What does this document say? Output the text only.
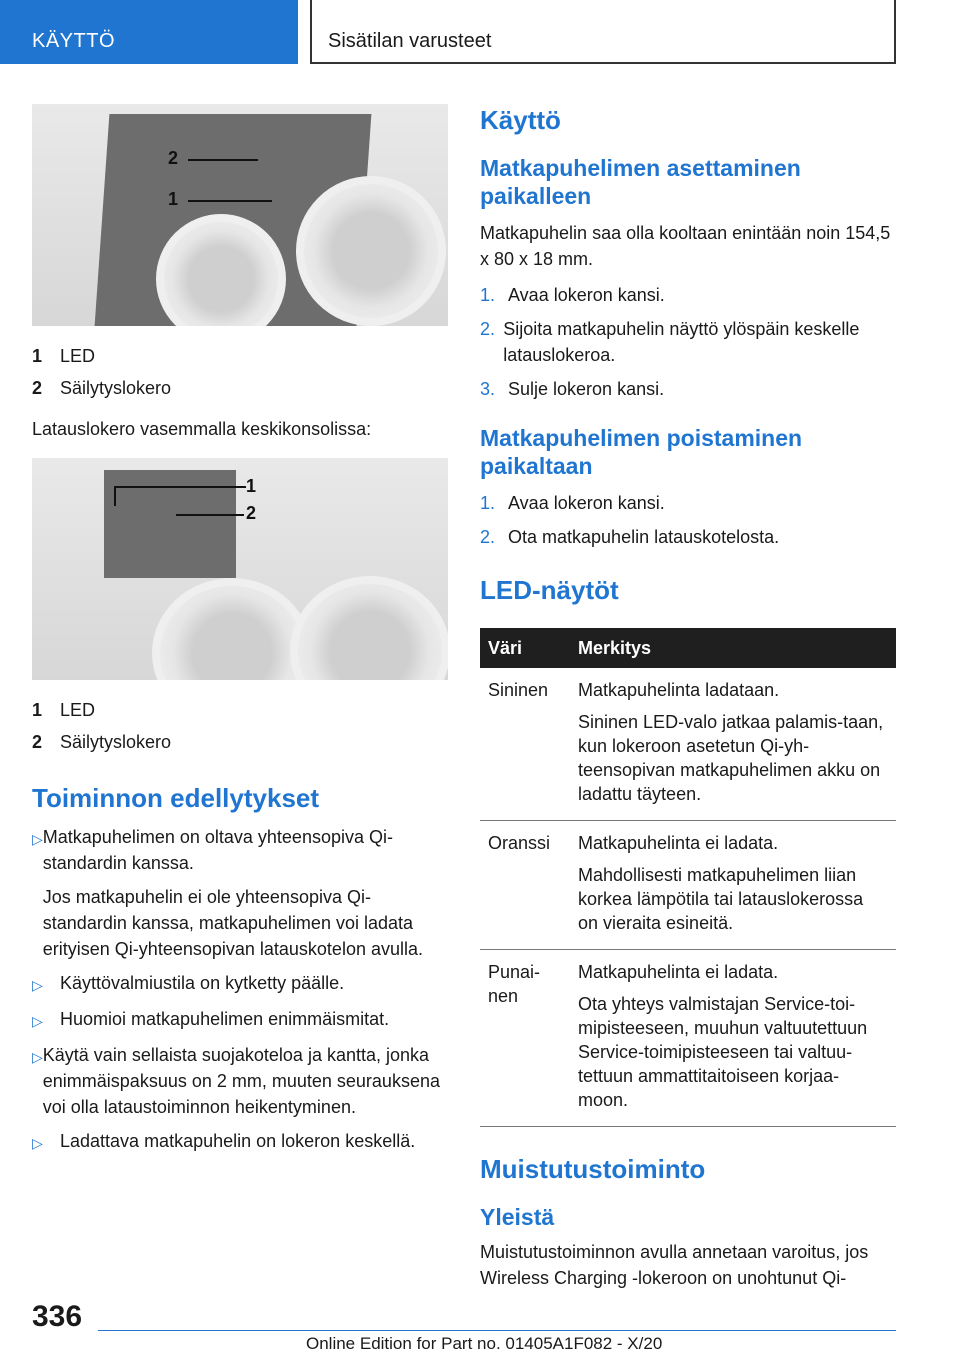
KÄYTTÖ	Sisätilan varusteet
2
1
1 LED
2 Säilytyslokero

Latauslokero vasemmalla keskikonsolissa:

1
2
1 LED
2 Säilytyslokero
Toiminnon edellytykset
▷ Matkapuhelimen on oltava yhteensopiva Qi-standardin kanssa.

Jos matkapuhelin ei ole yhteensopiva Qi-standardin kanssa, matkapuhelimen voi ladata erityisen Qi-yhteensopivan latauskotelon avulla.

▷ Käyttövalmiustila on kytketty päälle.

▷ Huomioi matkapuhelimen enimmäismitat.

▷ Käytä vain sellaista suojakoteloa ja kantta, jonka enimmäispaksuus on 2 mm, muuten seurauksena voi olla lataustoiminnon heikentyminen.

▷ Ladattava matkapuhelin on lokeron keskellä.

Käyttö
Matkapuhelimen asettaminen paikalleen

Matkapuhelin saa olla kooltaan enintään noin 154,5 x 80 x 18 mm.

1. Avaa lokeron kansi.
2. Sijoita matkapuhelin näyttö ylöspäin keskelle latauslokeroa.
3. Sulje lokeron kansi.
Matkapuhelimen poistaminen paikaltaan
1. Avaa lokeron kansi.
2. Ota matkapuhelin latauskotelosta.
LED-näytöt
Väri	Merkitys
Sininen	Matkapuhelinta ladataan.

Sininen LED-valo jatkaa palamis-taan, kun lokeroon asetetun Qi-yh-teensopivan matkapuhelimen akku on ladattu täyteen.

Oranssi	Matkapuhelinta ei ladata.

Mahdollisesti matkapuhelimen liian korkea lämpötila tai latauslokerossa on vieraita esineitä.

Punai-nen	Matkapuhelinta ei ladata.

Ota yhteys valmistajan Service-toi-mipisteeseen, muuhun valtuutettuun Service-toimipisteeseen tai valtuu-tettuun ammattitaitoiseen korjaa-moon.

Muistutustoiminto
Yleistä

Muistutustoiminnon avulla annetaan varoitus, jos Wireless Charging -lokeroon on unohtunut Qi-

336
Online Edition for Part no. 01405A1F082 - X/20
